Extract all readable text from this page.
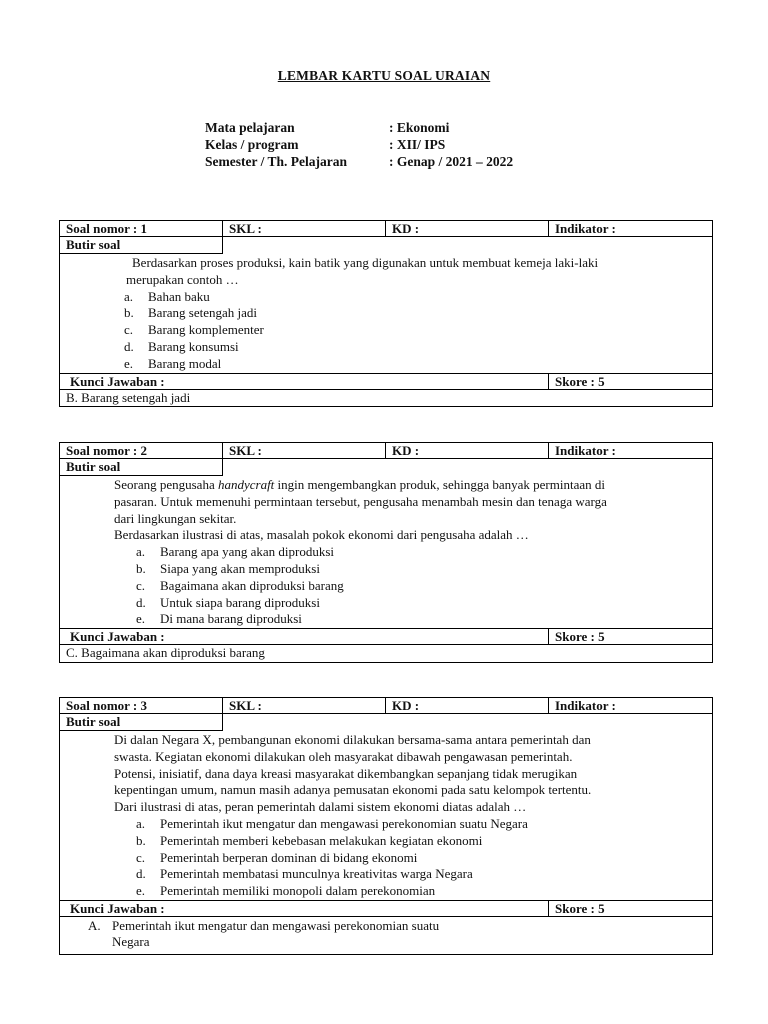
LEMBAR KARTU SOAL URAIAN
Mata pelajaran	: Ekonomi
Kelas / program	: XII/ IPS
Semester / Th. Pelajaran	: Genap / 2021 – 2022
Soal nomor : 1	SKL :	KD :	Indikator :
Butir soal
Berdasarkan proses produksi, kain batik yang digunakan untuk membuat kemeja laki-laki
merupakan contoh …
a. Bahan baku
b. Barang setengah jadi
c. Barang komplementer
d. Barang konsumsi
e. Barang modal
Kunci Jawaban :	Skore : 5
B. Barang setengah jadi
Soal nomor : 2	SKL :	KD :	Indikator :
Butir soal
Seorang pengusaha handycraft ingin mengembangkan produk, sehingga banyak permintaan di
pasaran. Untuk memenuhi permintaan tersebut, pengusaha menambah mesin dan tenaga warga
dari lingkungan sekitar.
Berdasarkan ilustrasi di atas, masalah pokok ekonomi dari pengusaha adalah …
a. Barang apa yang akan diproduksi
b. Siapa yang akan memproduksi
c. Bagaimana akan diproduksi barang
d. Untuk siapa barang diproduksi
e. Di mana barang diproduksi
Kunci Jawaban :	Skore : 5
C. Bagaimana akan diproduksi barang
Soal nomor : 3	SKL :	KD :	Indikator :
Butir soal
Di dalan Negara X, pembangunan ekonomi dilakukan bersama-sama antara pemerintah dan
swasta. Kegiatan ekonomi dilakukan oleh masyarakat dibawah pengawasan pemerintah.
Potensi, inisiatif, dana daya kreasi masyarakat dikembangkan sepanjang tidak merugikan
kepentingan umum, namun masih adanya pemusatan ekonomi pada satu kelompok tertentu.
Dari ilustrasi di atas, peran pemerintah dalami sistem ekonomi diatas adalah …
a. Pemerintah ikut mengatur dan mengawasi perekonomian suatu Negara
b. Pemerintah memberi kebebasan melakukan kegiatan ekonomi
c. Pemerintah berperan dominan di bidang ekonomi
d. Pemerintah membatasi munculnya kreativitas warga Negara
e. Pemerintah memiliki monopoli dalam perekonomian
Kunci Jawaban :	Skore : 5
A. Pemerintah ikut mengatur dan mengawasi perekonomian suatu
Negara
